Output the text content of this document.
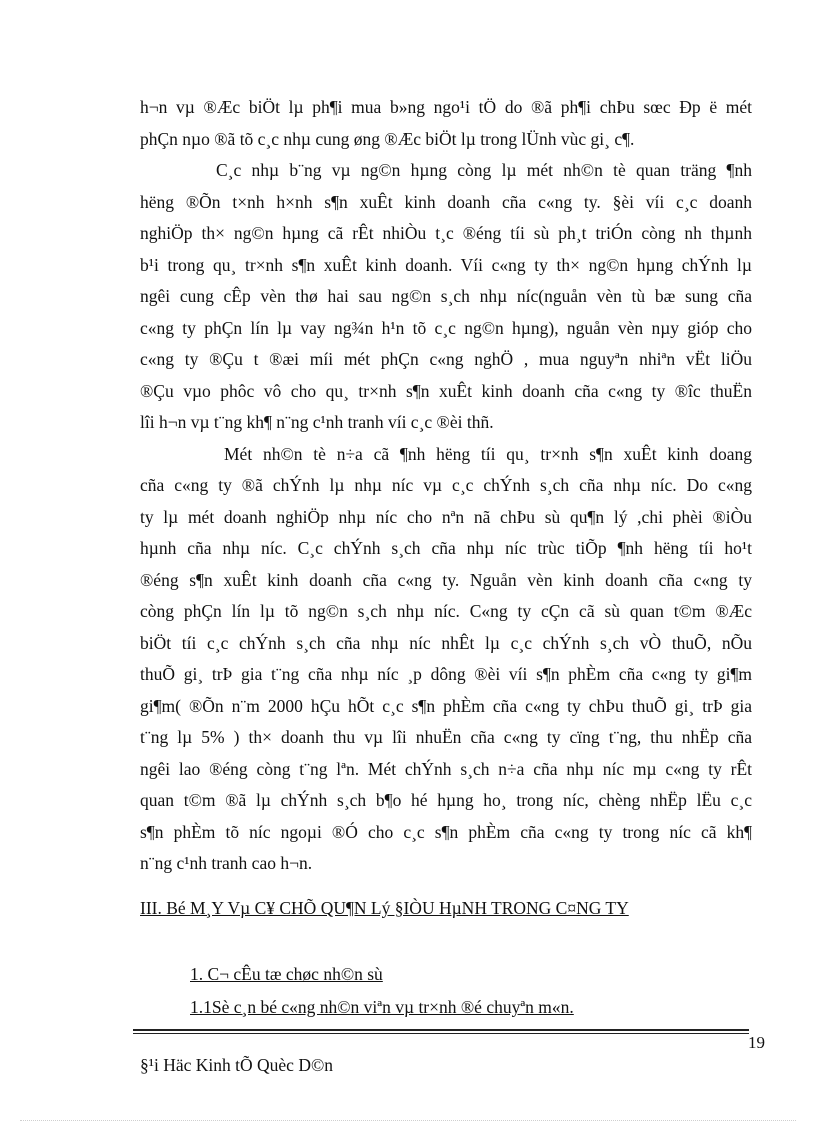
h¬n vµ ®Æc biÖt lµ ph¶i mua b»ng ngo¹i tÖ do ®ã ph¶i chÞu sœc Ðp ë mét
phÇn nµo ®ã tõ c¸c nhµ cung øng ®Æc biÖt lµ trong lÜnh vùc gi¸ c¶.
C¸c nhµ b¨ng vµ ng©n hµng còng lµ mét nh©n tè quan träng ¶nh
hëng ®Õn t×nh h×nh s¶n xuÊt kinh doanh cña c«ng ty. §èi víi c¸c doanh
nghiÖp th× ng©n hµng cã rÊt nhiÒu t¸c ®éng tíi sù ph¸t triÓn còng nh thµnh
b¹i trong qu¸ tr×nh s¶n xuÊt kinh doanh. Víi c«ng ty th× ng©n hµng chÝnh lµ
ngêi cung cÊp vèn thø hai sau ng©n s¸ch nhµ níc(nguån vèn tù bæ sung cña
c«ng ty phÇn lín lµ vay ng¾n h¹n tõ c¸c ng©n hµng), nguån vèn nµy gióp cho
c«ng ty ®Çu t ®æi míi mét phÇn c«ng nghÖ , mua nguyªn nhiªn vËt liÖu
®Çu vµo phôc vô cho qu¸ tr×nh s¶n xuÊt kinh doanh cña c«ng ty ®îc thuËn
lîi h¬n vµ t¨ng kh¶ n¨ng c¹nh tranh víi c¸c ®èi thñ.
Mét nh©n tè n÷a cã ¶nh hëng tíi qu¸ tr×nh s¶n xuÊt kinh doang
cña c«ng ty ®ã chÝnh lµ nhµ níc vµ c¸c chÝnh s¸ch cña nhµ níc. Do c«ng
ty lµ mét doanh nghiÖp nhµ níc cho nªn nã chÞu sù qu¶n lý ,chi phèi ®iÒu
hµnh cña nhµ níc. C¸c chÝnh s¸ch cña nhµ níc trùc tiÕp ¶nh hëng tíi ho¹t
®éng s¶n xuÊt kinh doanh cña c«ng ty. Nguån vèn kinh doanh cña c«ng ty
còng phÇn lín lµ tõ ng©n s¸ch nhµ níc. C«ng ty cÇn cã sù quan t©m ®Æc
biÖt tíi c¸c chÝnh s¸ch cña nhµ níc nhÊt lµ c¸c chÝnh s¸ch vÒ thuÕ, nÕu
thuÕ gi¸ trÞ gia t¨ng cña nhµ níc ¸p dông ®èi víi s¶n phÈm cña c«ng ty gi¶m
gi¶m( ®Õn n¨m 2000 hÇu hÕt c¸c s¶n phÈm cña c«ng ty chÞu thuÕ gi¸ trÞ gia
t¨ng lµ 5% ) th× doanh thu vµ lîi nhuËn cña c«ng ty cïng t¨ng, thu nhËp cña
ngêi lao ®éng còng t¨ng lªn. Mét chÝnh s¸ch n÷a cña nhµ níc mµ c«ng ty rÊt
quan t©m ®ã lµ chÝnh s¸ch b¶o hé hµng ho¸ trong níc, chèng nhËp lËu c¸c
s¶n phÈm tõ níc ngoµi ®Ó cho c¸c s¶n phÈm cña c«ng ty trong níc cã kh¶
n¨ng c¹nh tranh cao h¬n.
III. Bé M¸Y Vµ C¥ CHÕ QU¶N Lý §IÒU HµNH TRONG C¤NG TY
1. C¬ cÊu tæ chøc nh©n sù
1.1Sè c¸n bé c«ng nh©n viªn vµ tr×nh ®é chuyªn m«n.
19
§¹i Häc Kinh tÕ Quèc D©n
